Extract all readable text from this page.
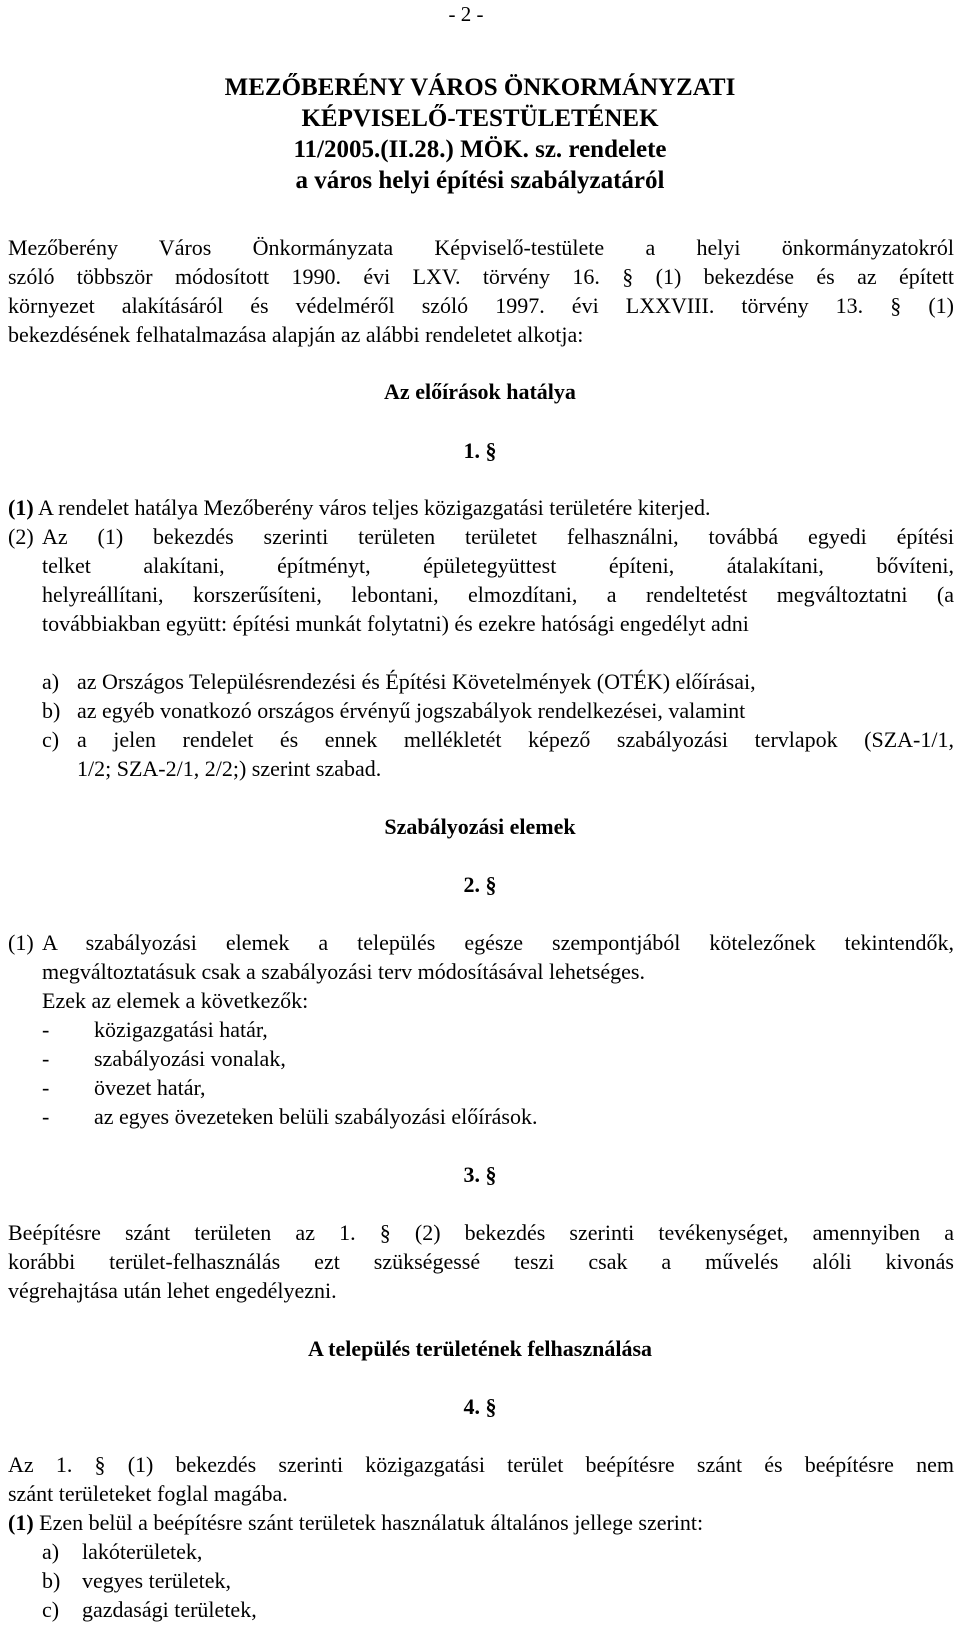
- 2 -
MEZŐBERÉNY VÁROS ÖNKORMÁNYZATI
KÉPVISELŐ-TESTÜLETÉNEK
11/2005.(II.28.) MÖK. sz. rendelete
a város helyi építési szabályzatáról
Mezőberény Város Önkormányzata Képviselő-testülete a helyi önkormányzatokról
szóló többször módosított 1990. évi LXV. törvény 16. § (1) bekezdése és az épített
környezet alakításáról és védelméről szóló 1997. évi LXXVIII. törvény 13. § (1)
bekezdésének felhatalmazása alapján az alábbi rendeletet alkotja:
Az előírások hatálya
1. §
(1) A rendelet hatálya Mezőberény város teljes közigazgatási területére kiterjed.
(2) Az (1) bekezdés szerinti területen területet felhasználni, továbbá egyedi építési
telket alakítani, építményt, épületegyüttest építeni, átalakítani, bővíteni,
helyreállítani, korszerűsíteni, lebontani, elmozdítani, a rendeltetést megváltoztatni (a
továbbiakban együtt: építési munkát folytatni) és ezekre hatósági engedélyt adni
a) az Országos Településrendezési és Építési Követelmények (OTÉK) előírásai,
b) az egyéb vonatkozó országos érvényű jogszabályok rendelkezései, valamint
c) a jelen rendelet és ennek mellékletét képező szabályozási tervlapok (SZA-1/1,
1/2; SZA-2/1, 2/2;) szerint szabad.
Szabályozási elemek
2. §
(1) A szabályozási elemek a település egésze szempontjából kötelezőnek tekintendők,
megváltoztatásuk csak a szabályozási terv módosításával lehetséges.
Ezek az elemek a következők:
- közigazgatási határ,
- szabályozási vonalak,
- övezet határ,
- az egyes övezeteken belüli szabályozási előírások.
3. §
Beépítésre szánt területen az 1. § (2) bekezdés szerinti tevékenységet, amennyiben a
korábbi terület-felhasználás ezt szükségessé teszi csak a művelés alóli kivonás
végrehajtása után lehet engedélyezni.
A település területének felhasználása
4. §
Az 1. § (1) bekezdés szerinti közigazgatási terület beépítésre szánt és beépítésre nem
szánt területeket foglal magába.
(1) Ezen belül a beépítésre szánt területek használatuk általános jellege szerint:
a) lakóterületek,
b) vegyes területek,
c) gazdasági területek,
